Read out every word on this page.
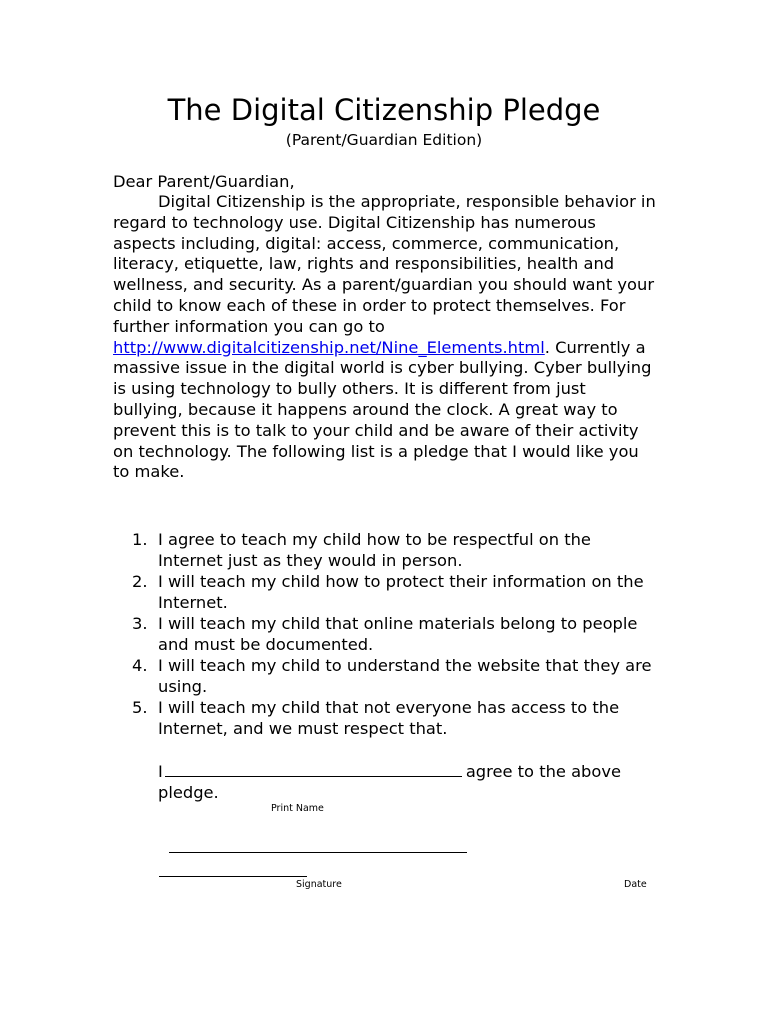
The Digital Citizenship Pledge

(Parent/Guardian Edition)

Dear Parent/Guardian,

Digital Citizenship is the appropriate, responsible behavior in regard to technology use. Digital Citizenship has numerous aspects including, digital: access, commerce, communication, literacy, etiquette, law, rights and responsibilities, health and wellness, and security. As a parent/guardian you should want your child to know each of these in order to protect themselves. For further information you can go to http://www.digitalcitizenship.net/Nine_Elements.html. Currently a massive issue in the digital world is cyber bullying. Cyber bullying is using technology to bully others. It is different from just bullying, because it happens around the clock. A great way to prevent this is to talk to your child and be aware of their activity on technology. The following list is a pledge that I would like you to make.

1. I agree to teach my child how to be respectful on the Internet just as they would in person.
2. I will teach my child how to protect their information on the Internet.
3. I will teach my child that online materials belong to people and must be documented.
4. I will teach my child to understand the website that they are using.
5. I will teach my child that not everyone has access to the Internet, and we must respect that.

I	agree to the above pledge.

Print Name
Signature	Date
